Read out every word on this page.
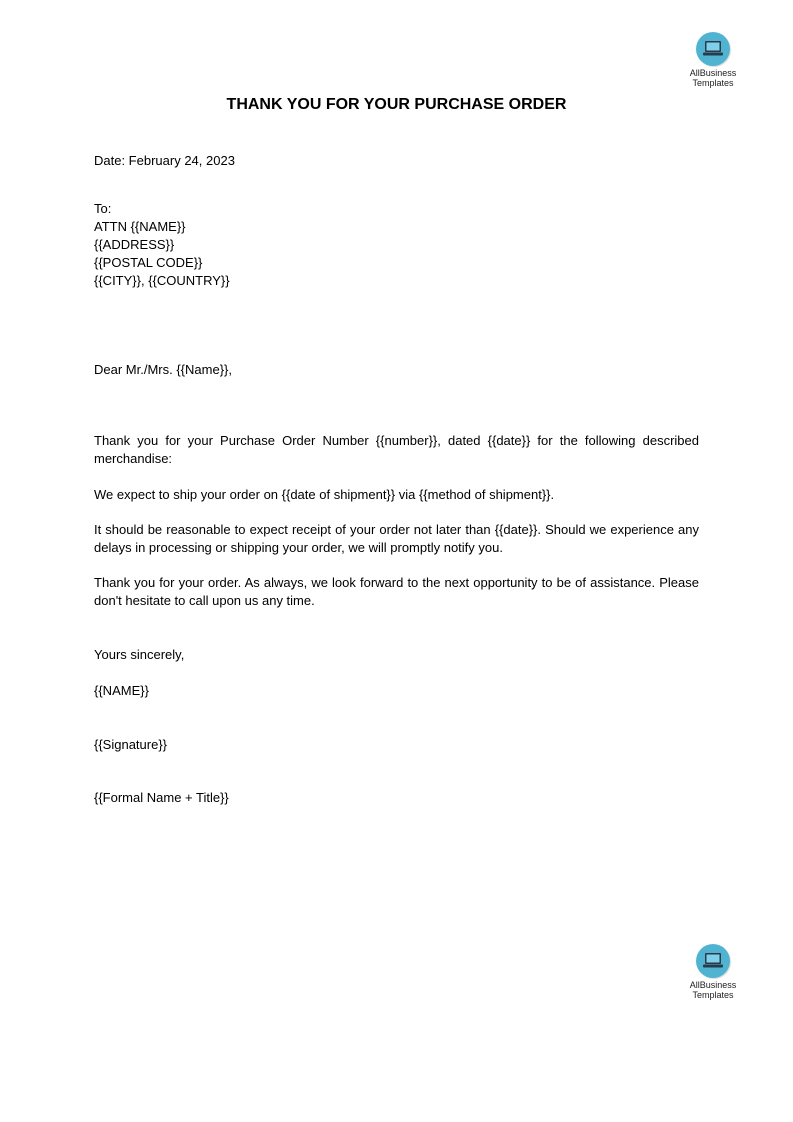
AllBusiness
Templates
THANK YOU FOR YOUR PURCHASE ORDER
Date: February 24, 2023
To:
ATTN {{NAME}}
{{ADDRESS}}
{{POSTAL CODE}}
{{CITY}}, {{COUNTRY}}
Dear Mr./Mrs. {{Name}},
Thank you for your Purchase Order Number {{number}}, dated {{date}} for the following described merchandise:
We expect to ship your order on {{date of shipment}} via {{method of shipment}}.
It should be reasonable to expect receipt of your order not later than {{date}}. Should we experience any delays in processing or shipping your order, we will promptly notify you.
Thank you for your order. As always, we look forward to the next opportunity to be of assistance. Please don't hesitate to call upon us any time.
Yours sincerely,
{{NAME}}
{{Signature}}
{{Formal Name + Title}}
AllBusiness
Templates
